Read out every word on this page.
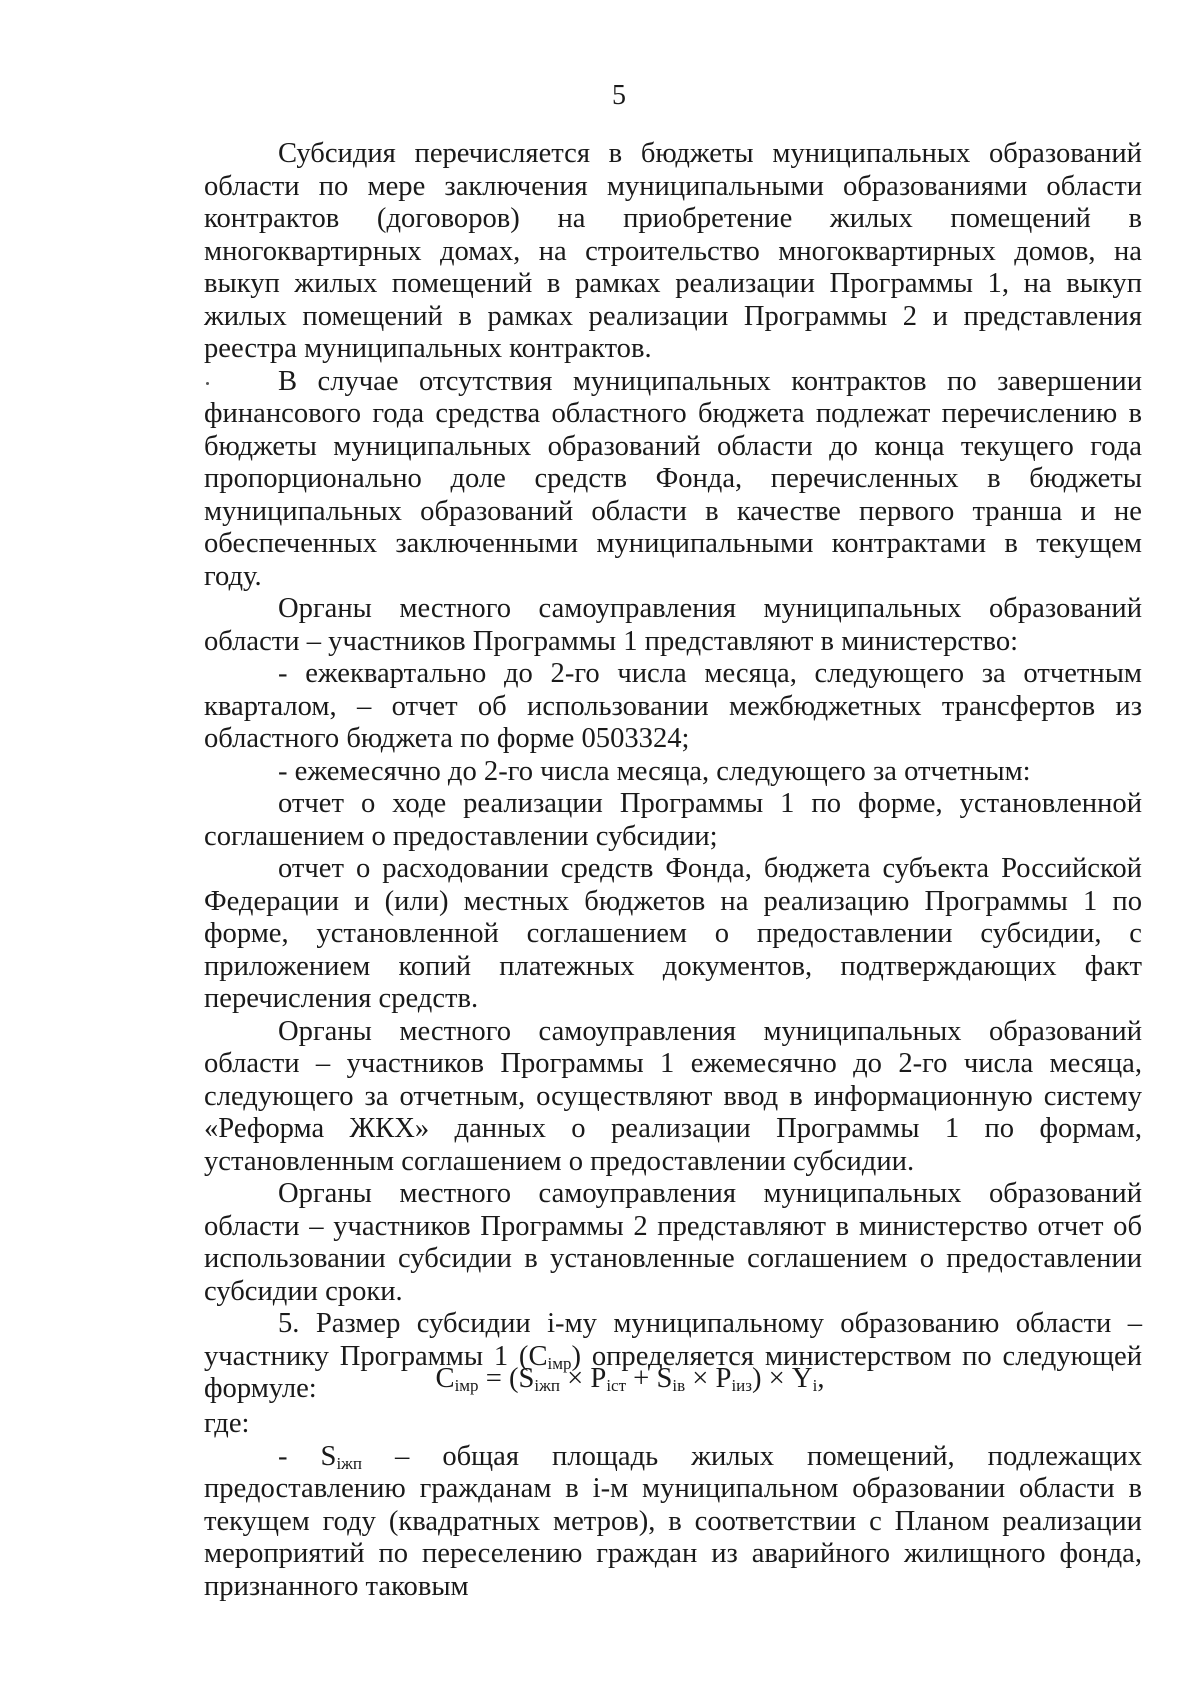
5

Субсидия перечисляется в бюджеты муниципальных образований области по мере заключения муниципальными образованиями области контрактов (договоров) на приобретение жилых помещений в многоквартирных домах, на строительство многоквартирных домов, на выкуп жилых помещений в рамках реализации Программы 1, на выкуп жилых помещений в рамках реализации Программы 2 и представления реестра муниципальных контрактов.

В случае отсутствия муниципальных контрактов по завершении финансового года средства областного бюджета подлежат перечислению в бюджеты муниципальных образований области до конца текущего года пропорционально доле средств Фонда, перечисленных в бюджеты муниципальных образований области в качестве первого транша и не обеспеченных заключенными муниципальными контрактами в текущем году.

Органы местного самоуправления муниципальных образований области – участников Программы 1 представляют в министерство:

- ежеквартально до 2-го числа месяца, следующего за отчетным кварталом, – отчет об использовании межбюджетных трансфертов из областного бюджета по форме 0503324;

- ежемесячно до 2-го числа месяца, следующего за отчетным:

отчет о ходе реализации Программы 1 по форме, установленной соглашением о предоставлении субсидии;

отчет о расходовании средств Фонда, бюджета субъекта Российской Федерации и (или) местных бюджетов на реализацию Программы 1 по форме, установленной соглашением о предоставлении субсидии, с приложением копий платежных документов, подтверждающих факт перечисления средств.

Органы местного самоуправления муниципальных образований области – участников Программы 1 ежемесячно до 2-го числа месяца, следующего за отчетным, осуществляют ввод в информационную систему «Реформа ЖКХ» данных о реализации Программы 1 по формам, установленным соглашением о предоставлении субсидии.

Органы местного самоуправления муниципальных образований области – участников Программы 2 представляют в министерство отчет об использовании субсидии в установленные соглашением о предоставлении субсидии сроки.

5. Размер субсидии i-му муниципальному образованию области – участнику Программы 1 $(C_{iмр})$ определяется министерством по следующей формуле:	$C_{iмр} = (S_{iжп} \times P_{iст} + S_{iв} \times P_{iиз}) \times Y_i$,

где:

- $S_{iжп}$ – общая площадь жилых помещений, подлежащих предоставлению гражданам в i-м муниципальном образовании области в текущем году (квадратных метров), в соответствии с Планом реализации мероприятий по переселению граждан из аварийного жилищного фонда, признанного таковым
